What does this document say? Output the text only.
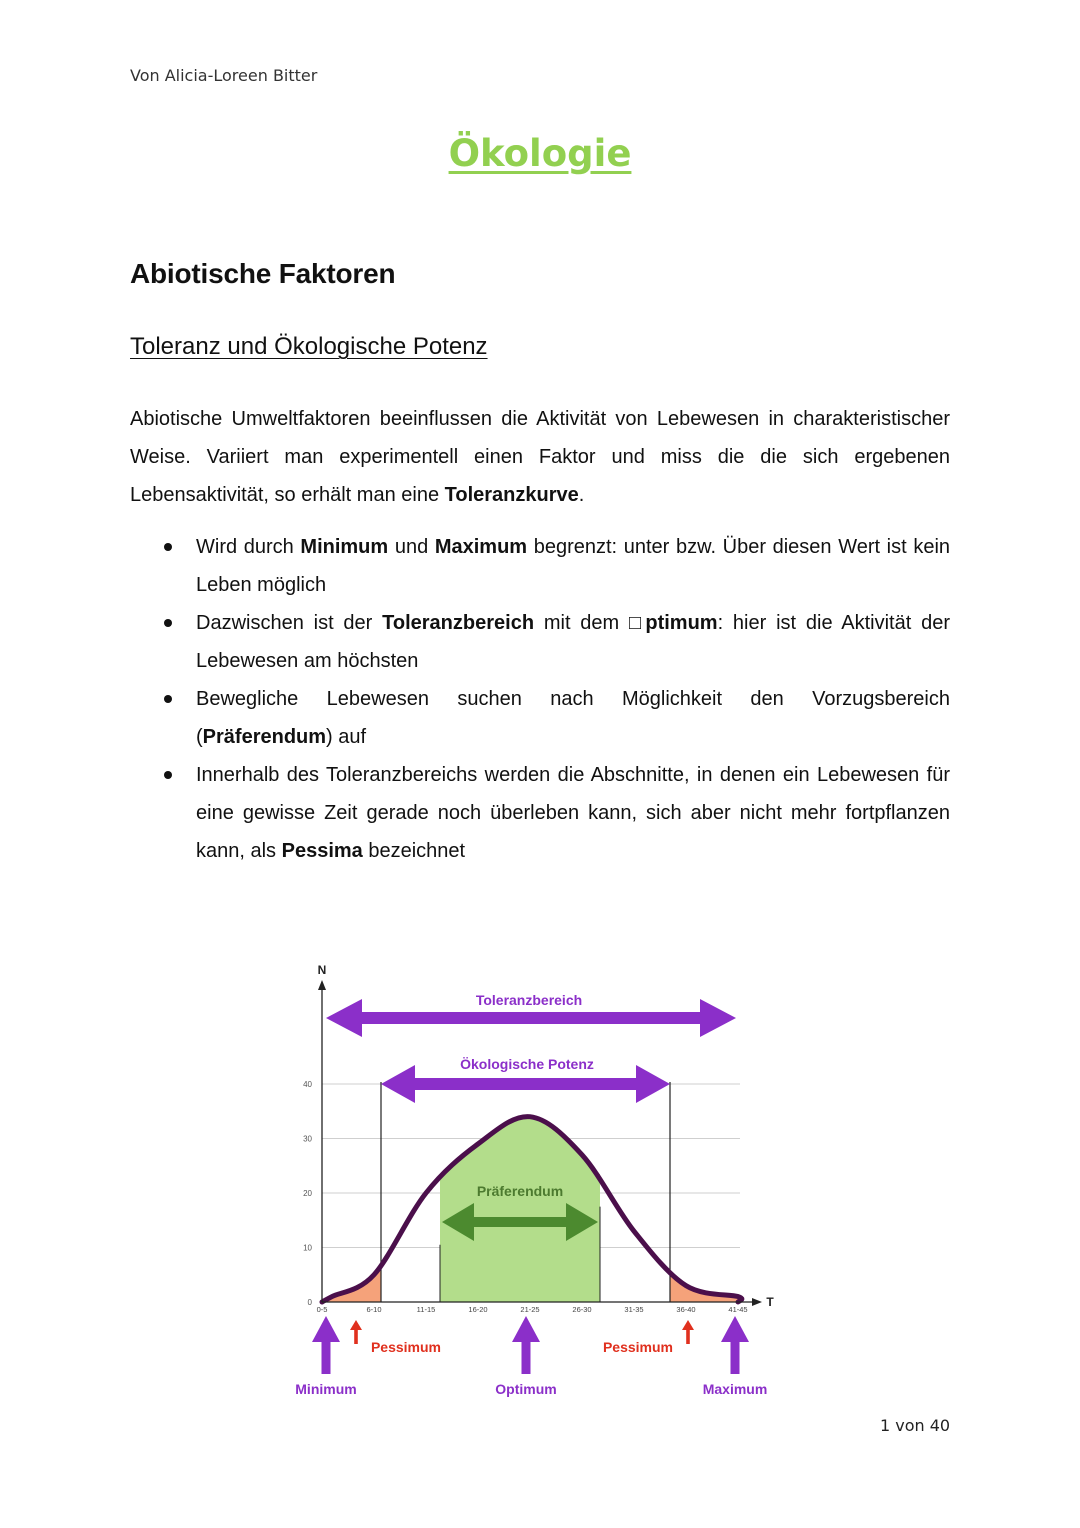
Von Alicia-Loreen Bitter
Ökologie
Abiotische Faktoren
Toleranz und Ökologische Potenz

Abiotische Umweltfaktoren beeinflussen die Aktivität von Lebewesen in charakteristischer Weise. Variiert man experimentell einen Faktor und miss die die sich ergebenen Lebensaktivität, so erhält man eine Toleranzkurve.

Wird durch Minimum und Maximum begrenzt: unter bzw. Über diesen Wert ist kein Leben möglich
Dazwischen ist der Toleranzbereich mit dem □ptimum: hier ist die Aktivität der Lebewesen am höchsten
Bewegliche Lebewesen suchen nach Möglichkeit den Vorzugsbereich (Präferendum) auf
Innerhalb des Toleranzbereichs werden die Abschnitte, in denen ein Lebewesen für eine gewisse Zeit gerade noch überleben kann, sich aber nicht mehr fortpflanzen kann, als Pessima bezeichnet
0
10
20
30
40
N
T
0-5	6-10	11-15	16-20	21-25	26-30	31-35	36-40	41-45
Toleranzbereich
Ökologische Potenz
Präferendum
Pessimum	Pessimum
Minimum	Optimum	Maximum
1 von 40
